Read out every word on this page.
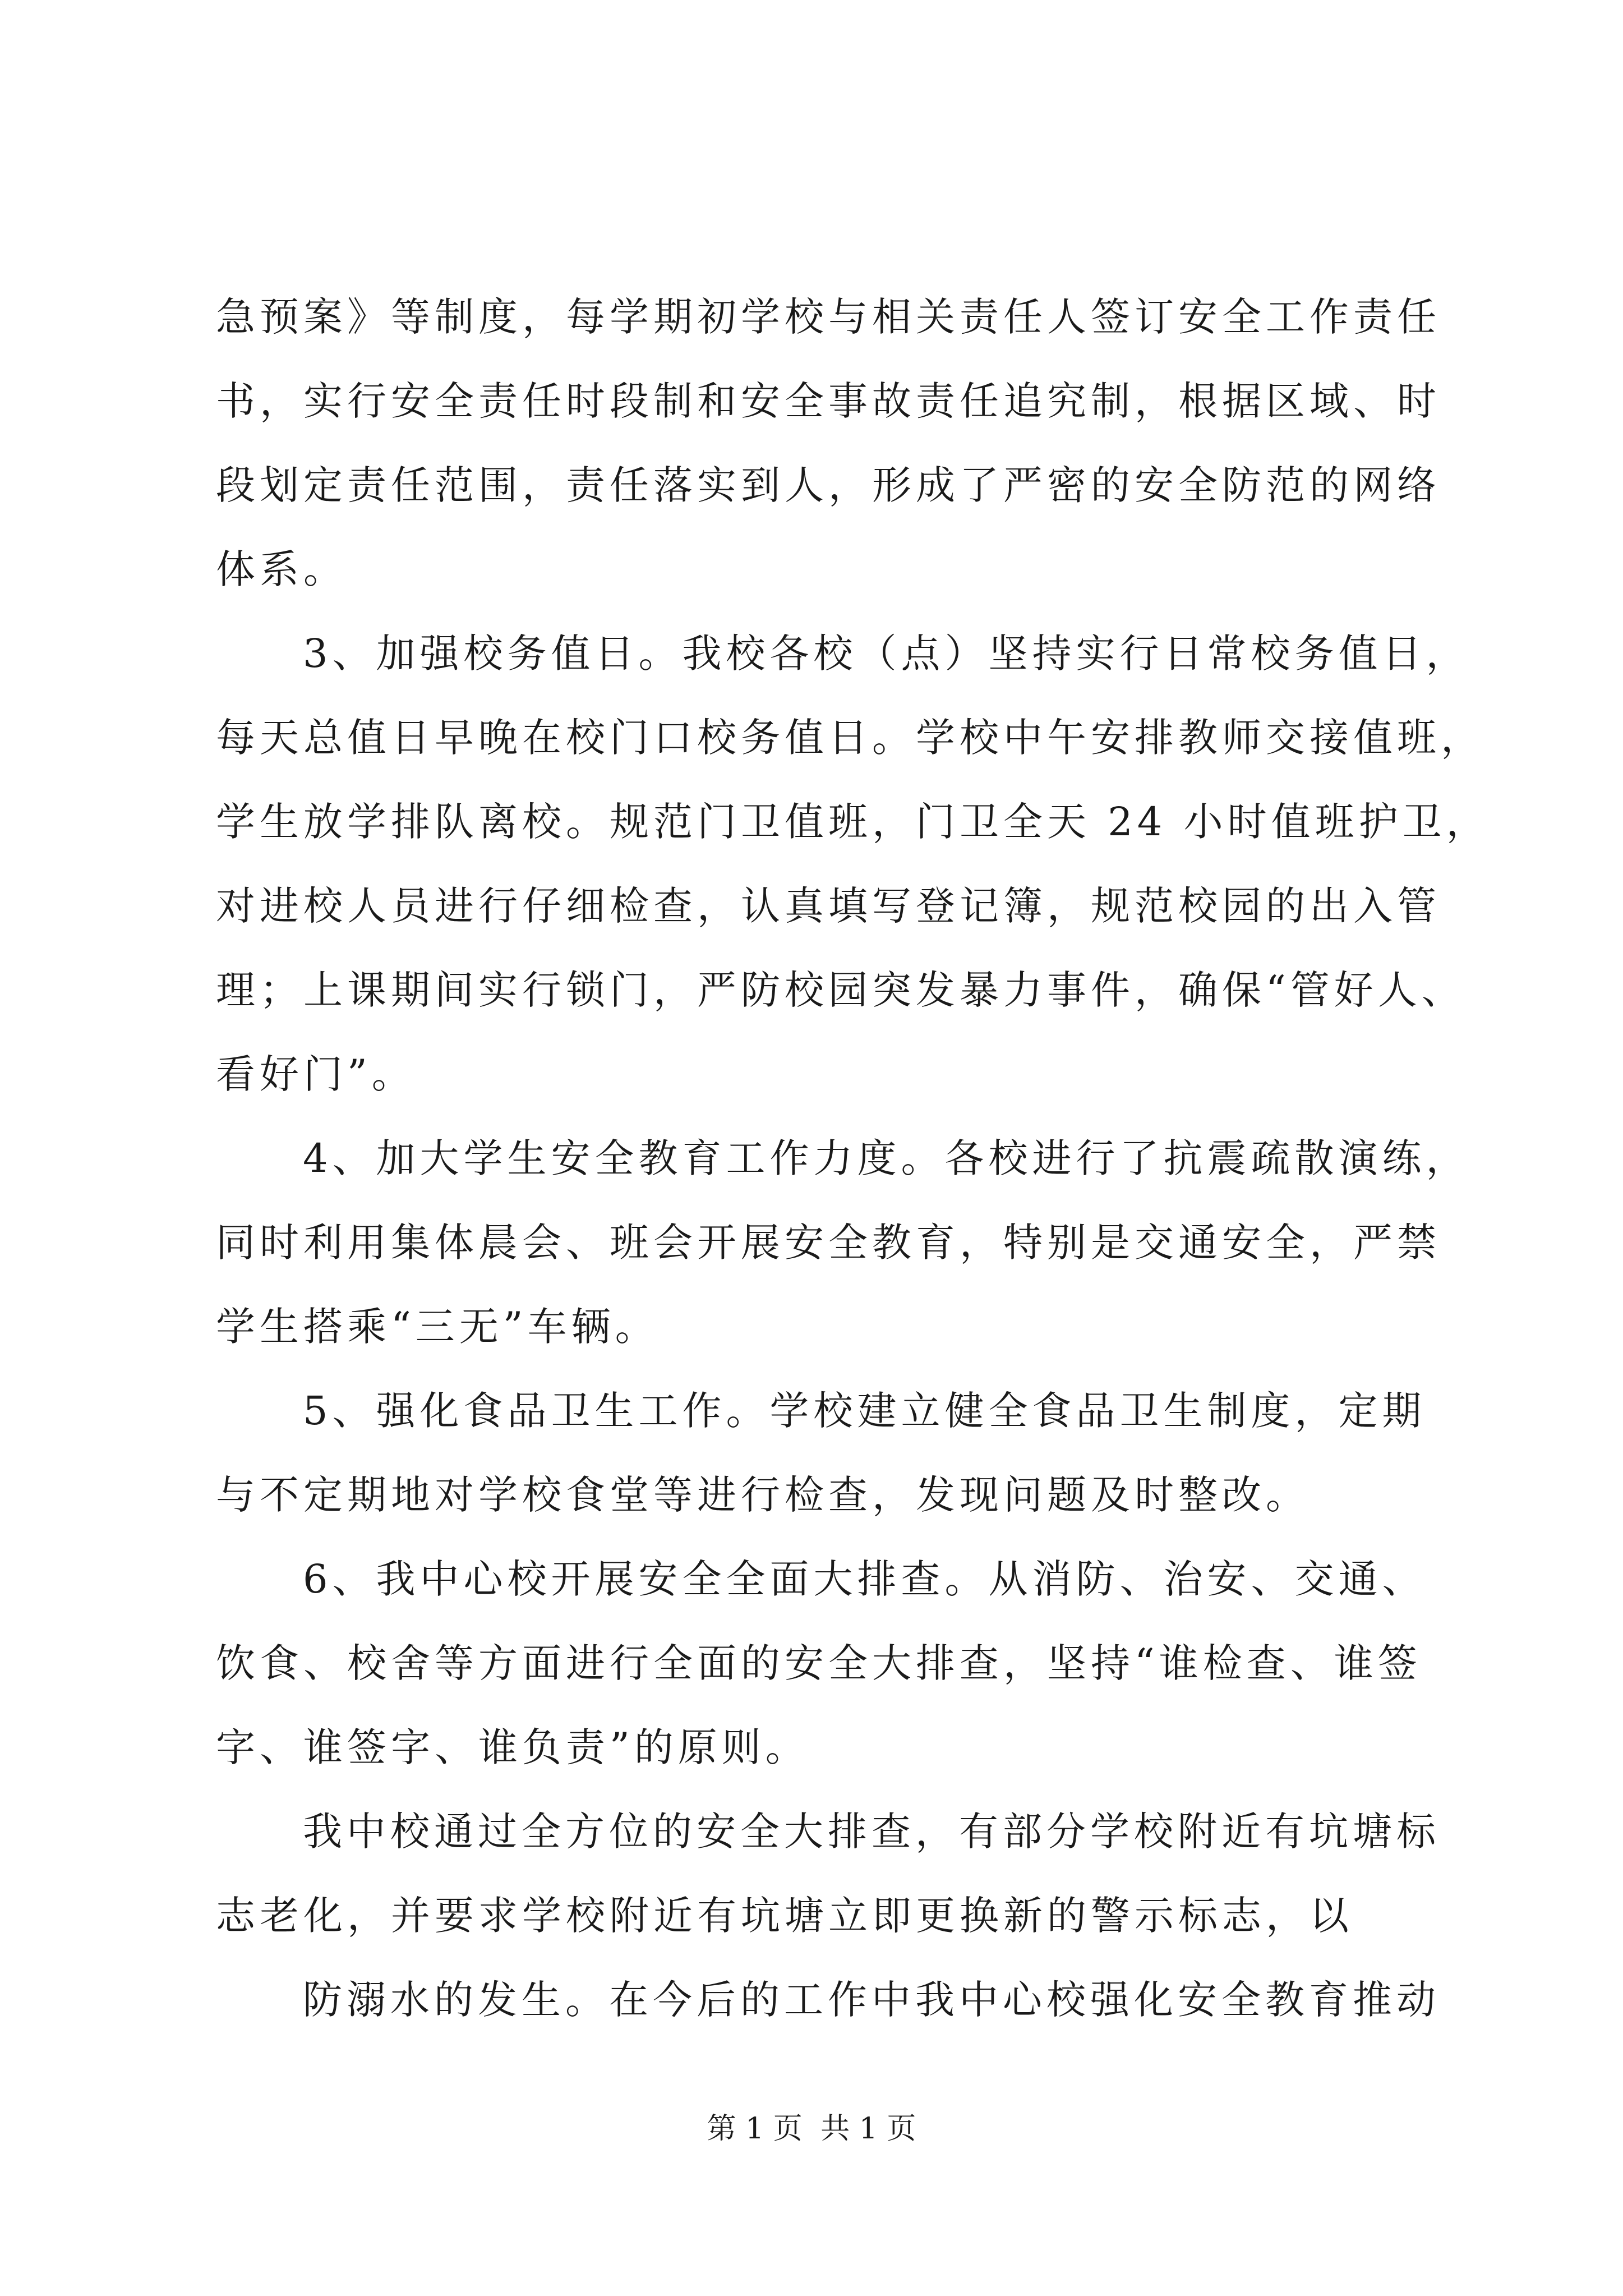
急预案》等制度，每学期初学校与相关责任人签订安全工作责任
书，实行安全责任时段制和安全事故责任追究制，根据区域、时
段划定责任范围，责任落实到人，形成了严密的安全防范的网络
体系。
3、加强校务值日。我校各校（点）坚持实行日常校务值日，
每天总值日早晚在校门口校务值日。学校中午安排教师交接值班，
学生放学排队离校。规范门卫值班，门卫全天 24 小时值班护卫，
对进校人员进行仔细检查，认真填写登记簿，规范校园的出入管
理；上课期间实行锁门，严防校园突发暴力事件，确保“管好人、
看好门”。
4、加大学生安全教育工作力度。各校进行了抗震疏散演练，
同时利用集体晨会、班会开展安全教育，特别是交通安全，严禁
学生搭乘“三无”车辆。
5、强化食品卫生工作。学校建立健全食品卫生制度，定期
与不定期地对学校食堂等进行检查，发现问题及时整改。
6、我中心校开展安全全面大排查。从消防、治安、交通、
饮食、校舍等方面进行全面的安全大排查，坚持“谁检查、谁签
字、谁签字、谁负责”的原则。
我中校通过全方位的安全大排查，有部分学校附近有坑塘标
志老化，并要求学校附近有坑塘立即更换新的警示标志，以
防溺水的发生。在今后的工作中我中心校强化安全教育推动
第 1 页 共 1 页
